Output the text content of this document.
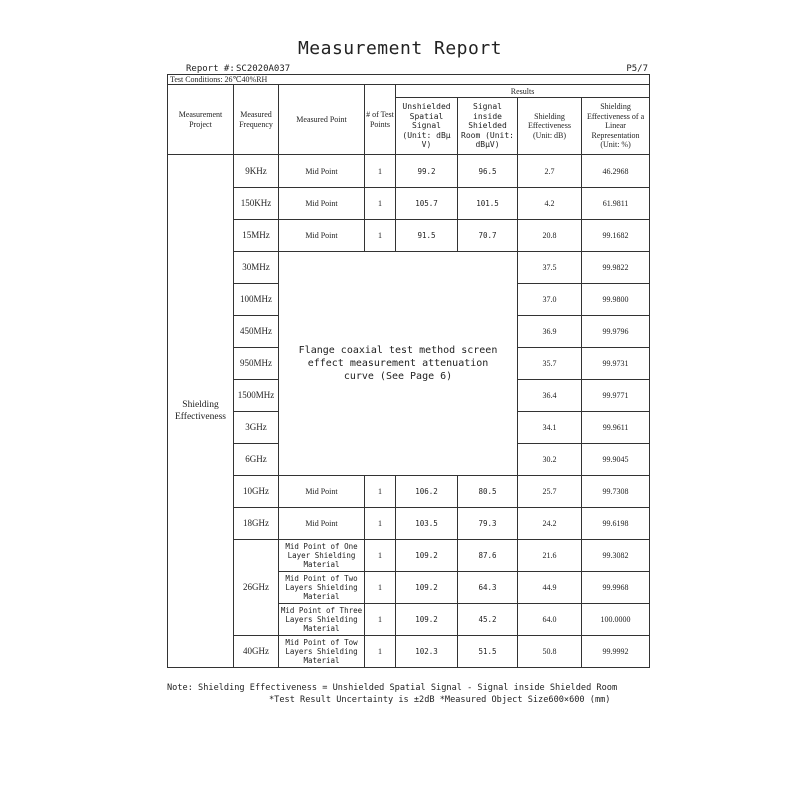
Measurement Report
Report #: SC2020A037	P5/7
Test Conditions: 26℃40%RH							
Measurement Project	Measured Frequency	Measured Point	# of Test Points	Results			
				Unshielded Spatial Signal (Unit: dBμ V)	Signal inside Shielded Room (Unit: dBμV)	Shielding Effectiveness (Unit: dB)	Shielding Effectiveness of a Linear Representation (Unit: %)
Shielding Effectiveness	9KHz	Mid Point	1	99.2	96.5	2.7	46.2968
	150KHz	Mid Point	1	105.7	101.5	4.2	61.9811
	15MHz	Mid Point	1	91.5	70.7	20.8	99.1682
	30MHz	Flange coaxial test method screen effect measurement attenuation curve (See Page 6)				37.5	99.9822
	100MHz					37.0	99.9800
	450MHz					36.9	99.9796
	950MHz					35.7	99.9731
	1500MHz					36.4	99.9771
	3GHz					34.1	99.9611
	6GHz					30.2	99.9045
	10GHz	Mid Point	1	106.2	80.5	25.7	99.7308
	18GHz	Mid Point	1	103.5	79.3	24.2	99.6198
	26GHz	Mid Point of One Layer Shielding Material	1	109.2	87.6	21.6	99.3082
		Mid Point of Two Layers Shielding Material	1	109.2	64.3	44.9	99.9968
		Mid Point of Three Layers Shielding Material	1	109.2	45.2	64.0	100.0000
	40GHz	Mid Point of Tow Layers Shielding Material	1	102.3	51.5	50.8	99.9992
Note: Shielding Effectiveness = Unshielded Spatial Signal - Signal inside Shielded Room
*Test Result Uncertainty is ±2dB *Measured Object Size600×600 (mm)
